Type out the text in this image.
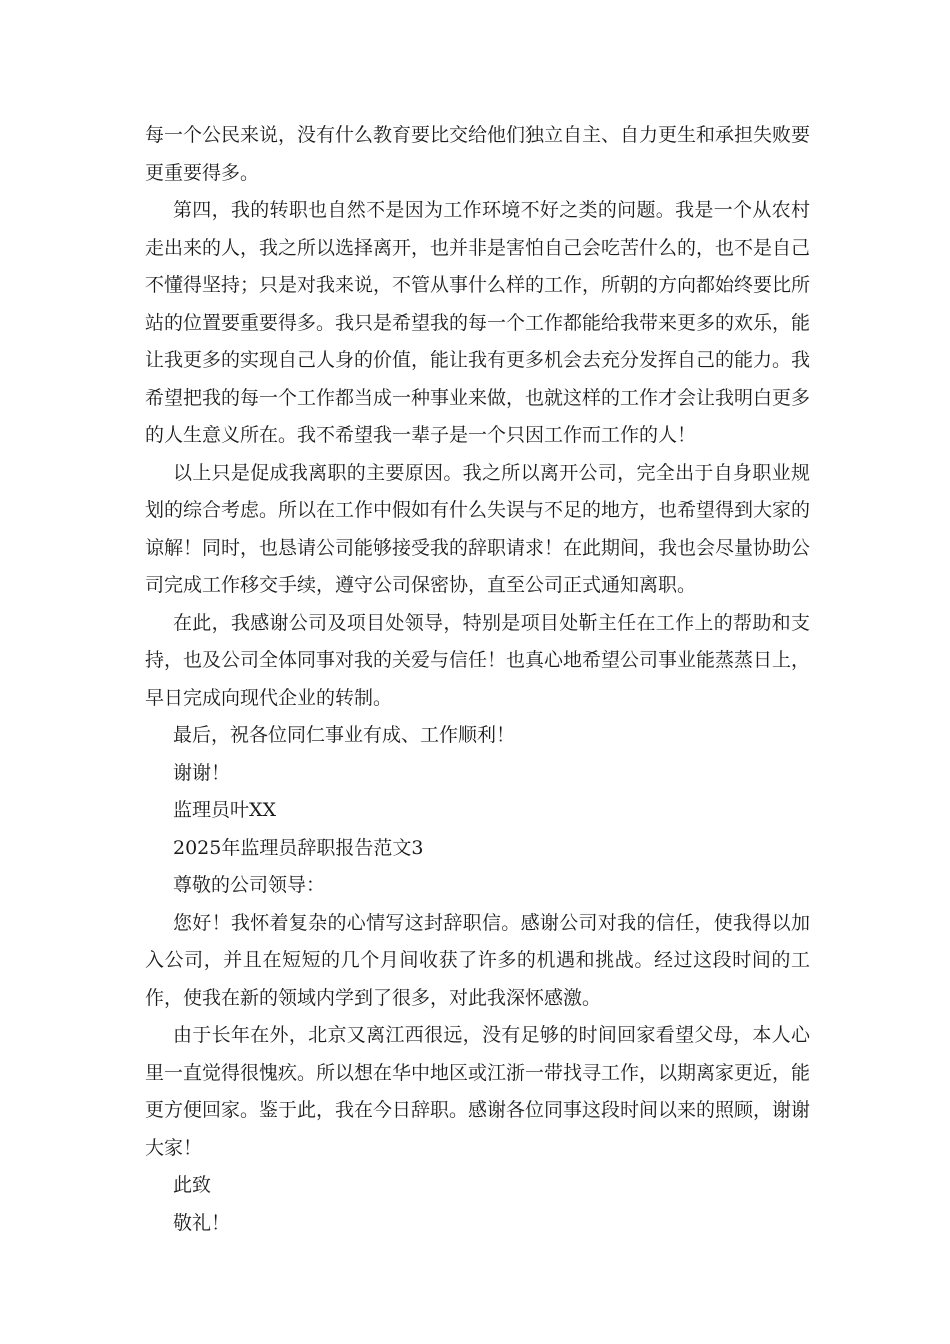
每一个公民来说，没有什么教育要比交给他们独立自主、自力更生和承担失败要更重要得多。

第四，我的转职也自然不是因为工作环境不好之类的问题。我是一个从农村走出来的人，我之所以选择离开，也并非是害怕自己会吃苦什么的，也不是自己不懂得坚持；只是对我来说，不管从事什么样的工作，所朝的方向都始终要比所站的位置要重要得多。我只是希望我的每一个工作都能给我带来更多的欢乐，能让我更多的实现自己人身的价值，能让我有更多机会去充分发挥自己的能力。我希望把我的每一个工作都当成一种事业来做，也就这样的工作才会让我明白更多的人生意义所在。我不希望我一辈子是一个只因工作而工作的人！

以上只是促成我离职的主要原因。我之所以离开公司，完全出于自身职业规划的综合考虑。所以在工作中假如有什么失误与不足的地方，也希望得到大家的谅解！同时，也恳请公司能够接受我的辞职请求！在此期间，我也会尽量协助公司完成工作移交手续，遵守公司保密协，直至公司正式通知离职。

在此，我感谢公司及项目处领导，特别是项目处靳主任在工作上的帮助和支持，也及公司全体同事对我的关爱与信任！也真心地希望公司事业能蒸蒸日上，早日完成向现代企业的转制。

最后，祝各位同仁事业有成、工作顺利！

谢谢！

监理员叶XX

2025年监理员辞职报告范文3

尊敬的公司领导：

您好！我怀着复杂的心情写这封辞职信。感谢公司对我的信任，使我得以加入公司，并且在短短的几个月间收获了许多的机遇和挑战。经过这段时间的工作，使我在新的领域内学到了很多，对此我深怀感激。

由于长年在外，北京又离江西很远，没有足够的时间回家看望父母，本人心里一直觉得很愧疚。所以想在华中地区或江浙一带找寻工作，以期离家更近，能更方便回家。鉴于此，我在今日辞职。感谢各位同事这段时间以来的照顾，谢谢大家！

此致

敬礼！
